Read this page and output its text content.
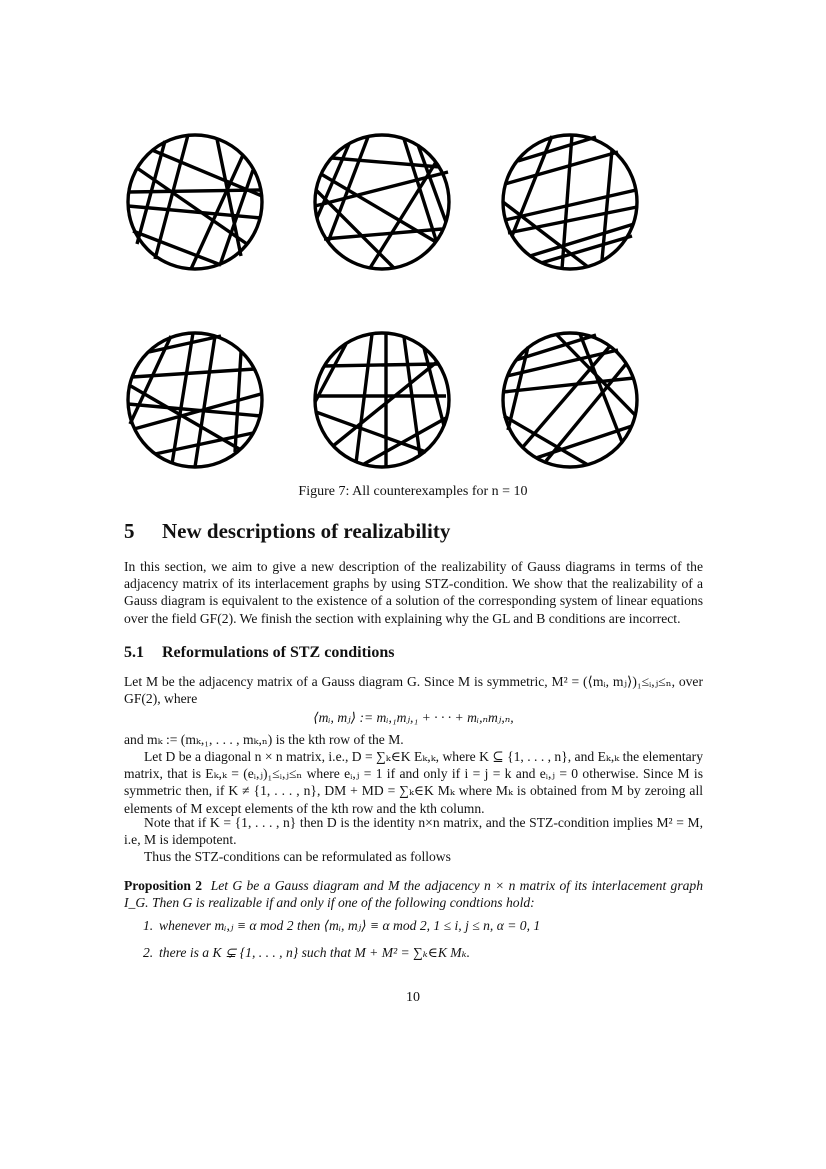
Figure 7: All counterexamples for n = 10
5 New descriptions of realizability
In this section, we aim to give a new description of the realizability of Gauss diagrams in terms of the adjacency matrix of its interlacement graphs by using STZ-condition. We show that the realizability of a Gauss diagram is equivalent to the existence of a solution of the corresponding system of linear equations over the field GF(2). We finish the section with explaining why the GL and B conditions are incorrect.
5.1 Reformulations of STZ conditions
Let M be the adjacency matrix of a Gauss diagram G. Since M is symmetric, M² = (⟨mᵢ, mⱼ⟩)₁≤ᵢ,ⱼ≤ₙ, over GF(2), where
⟨mᵢ, mⱼ⟩ := mᵢ,₁mⱼ,₁ + · · · + mᵢ,ₙmⱼ,ₙ,
and mₖ := (mₖ,₁, . . . , mₖ,ₙ) is the kth row of the M.
Let D be a diagonal n × n matrix, i.e., D = ∑ₖ∈K Eₖ,ₖ, where K ⊆ {1, . . . , n}, and Eₖ,ₖ the elementary matrix, that is Eₖ,ₖ = (eᵢ,ⱼ)₁≤ᵢ,ⱼ≤ₙ where eᵢ,ⱼ = 1 if and only if i = j = k and eᵢ,ⱼ = 0 otherwise. Since M is symmetric then, if K ≠ {1, . . . , n}, DM + MD = ∑ₖ∈K Mₖ where Mₖ is obtained from M by zeroing all elements of M except elements of the kth row and the kth column.
Note that if K = {1, . . . , n} then D is the identity n×n matrix, and the STZ-condition implies M² = M, i.e, M is idempotent.
Thus the STZ-conditions can be reformulated as follows
Proposition 2 Let G be a Gauss diagram and M the adjacency n × n matrix of its interlacement graph I_G. Then G is realizable if and only if one of the following condtions hold:
1. whenever mᵢ,ⱼ ≡ α mod 2 then ⟨mᵢ, mⱼ⟩ ≡ α mod 2, 1 ≤ i, j ≤ n, α = 0, 1
2. there is a K ⊊ {1, . . . , n} such that M + M² = ∑ₖ∈K Mₖ.
10
